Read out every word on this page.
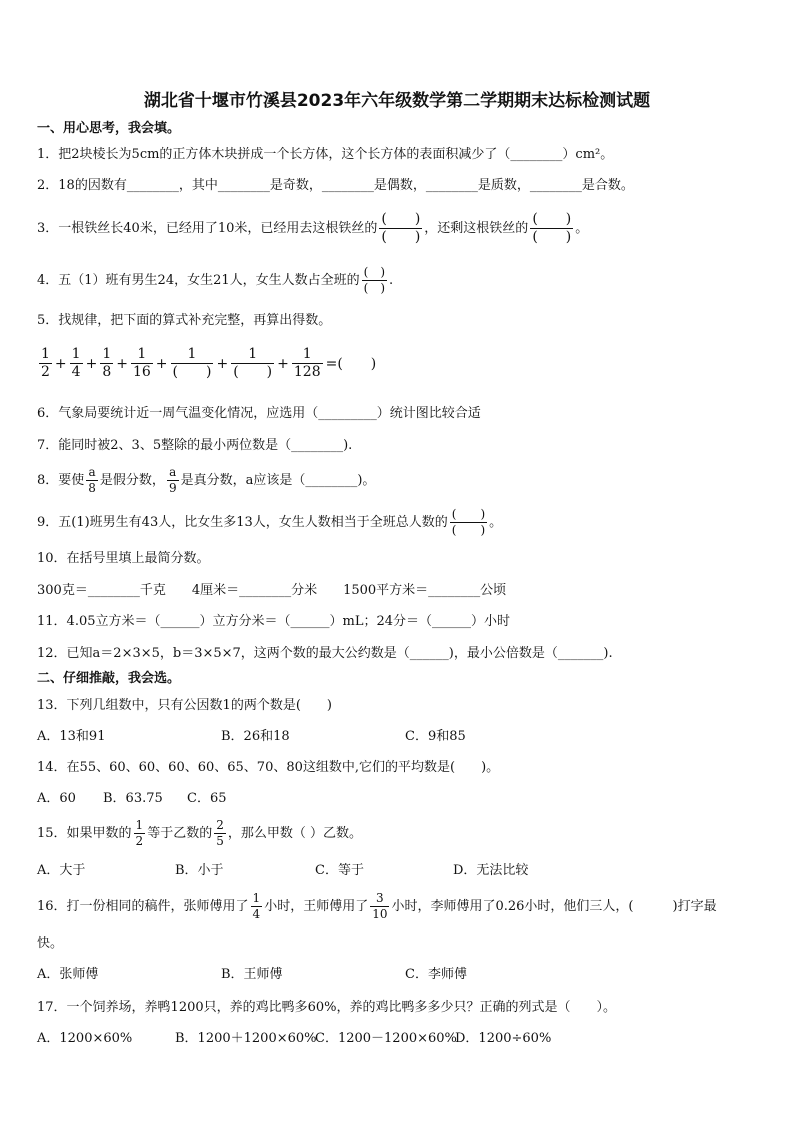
湖北省十堰市竹溪县2023年六年级数学第二学期期末达标检测试题
一、用心思考，我会填。
1．把2块棱长为5cm的正方体木块拼成一个长方体，这个长方体的表面积减少了（________）cm²。
2．18的因数有________，其中________是奇数，________是偶数，________是质数，________是合数。
3．一根铁丝长40米，已经用了10米，已经用去这根铁丝的 $\frac{( )}{( )}$ ，还剩这根铁丝的 $\frac{( )}{( )}$ 。
4．五（1）班有男生24，女生21人，女生人数占全班的 $\frac{( )}{( )}$ .
5．找规律，把下面的算式补充完整，再算出得数。
$\frac{1}{2} + \frac{1}{4} + \frac{1}{8} + \frac{1}{16} + \frac{1}{( )} + \frac{1}{( )} + \frac{1}{128}$ =(　　)
6．气象局要统计近一周气温变化情况，应选用（_________）统计图比较合适
7．能同时被2、3、5整除的最小两位数是（________).
8．要使 $\frac{a}{8}$ 是假分数， $\frac{a}{9}$ 是真分数，a应该是（________)。
9．五(1)班男生有43人，比女生多13人，女生人数相当于全班总人数的 $\frac{( )}{( )}$ 。
10．在括号里填上最简分数。
300克＝________千克　　4厘米＝________分米　　1500平方米＝________公顷
11．4.05立方米＝（______）立方分米＝（______）mL；24分＝（______）小时
12．已知a＝2×3×5，b＝3×5×7，这两个数的最大公约数是（______)，最小公倍数是（_______).
二、仔细推敲，我会选。
13．下列几组数中，只有公因数1的两个数是(　　)
A．13和91	B．26和18	C．9和85
14．在55、60、60、60、60、65、70、80这组数中,它们的平均数是(　　)。
A．60 B．63.75 C．65
15．如果甲数的 $\frac{1}{2}$ 等于乙数的 $\frac{2}{5}$ ，那么甲数（ ）乙数。
A．大于	B．小于	C．等于	D．无法比较
16．打一份相同的稿件，张师傅用了 $\frac{1}{4}$ 小时，王师傅用了 $\frac{3}{10}$ 小时，李师傅用了0.26小时，他们三人，(　　　)打字最
快。
A．张师傅	B．王师傅	C．李师傅
17．一个饲养场，养鸭1200只，养的鸡比鸭多60%，养的鸡比鸭多多少只？正确的列式是（　　）。
A．1200×60%	B．1200＋1200×60%C．1200－1200×60%D．1200÷60%
